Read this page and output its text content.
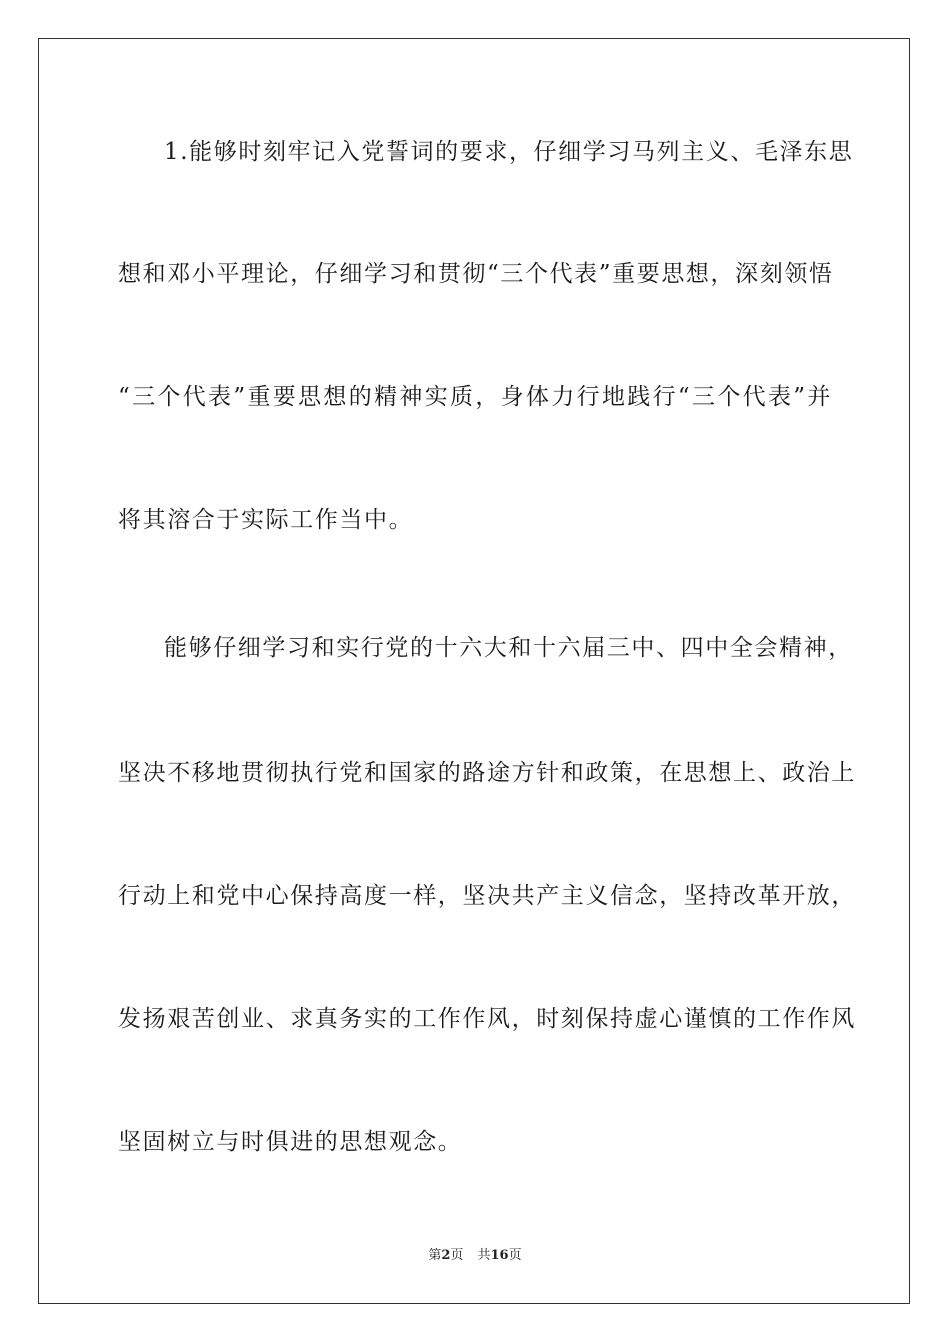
1.能够时刻牢记入党誓词的要求，仔细学习马列主义、毛泽东思
想和邓小平理论，仔细学习和贯彻“三个代表”重要思想，深刻领悟
“三个代表”重要思想的精神实质，身体力行地践行“三个代表”并
将其溶合于实际工作当中。
能够仔细学习和实行党的十六大和十六届三中、四中全会精神，
坚决不移地贯彻执行党和国家的路途方针和政策，在思想上、政治上
行动上和党中心保持高度一样，坚决共产主义信念，坚持改革开放，
发扬艰苦创业、求真务实的工作作风，时刻保持虚心谨慎的工作作风
坚固树立与时俱进的思想观念。
第2页 共16页
